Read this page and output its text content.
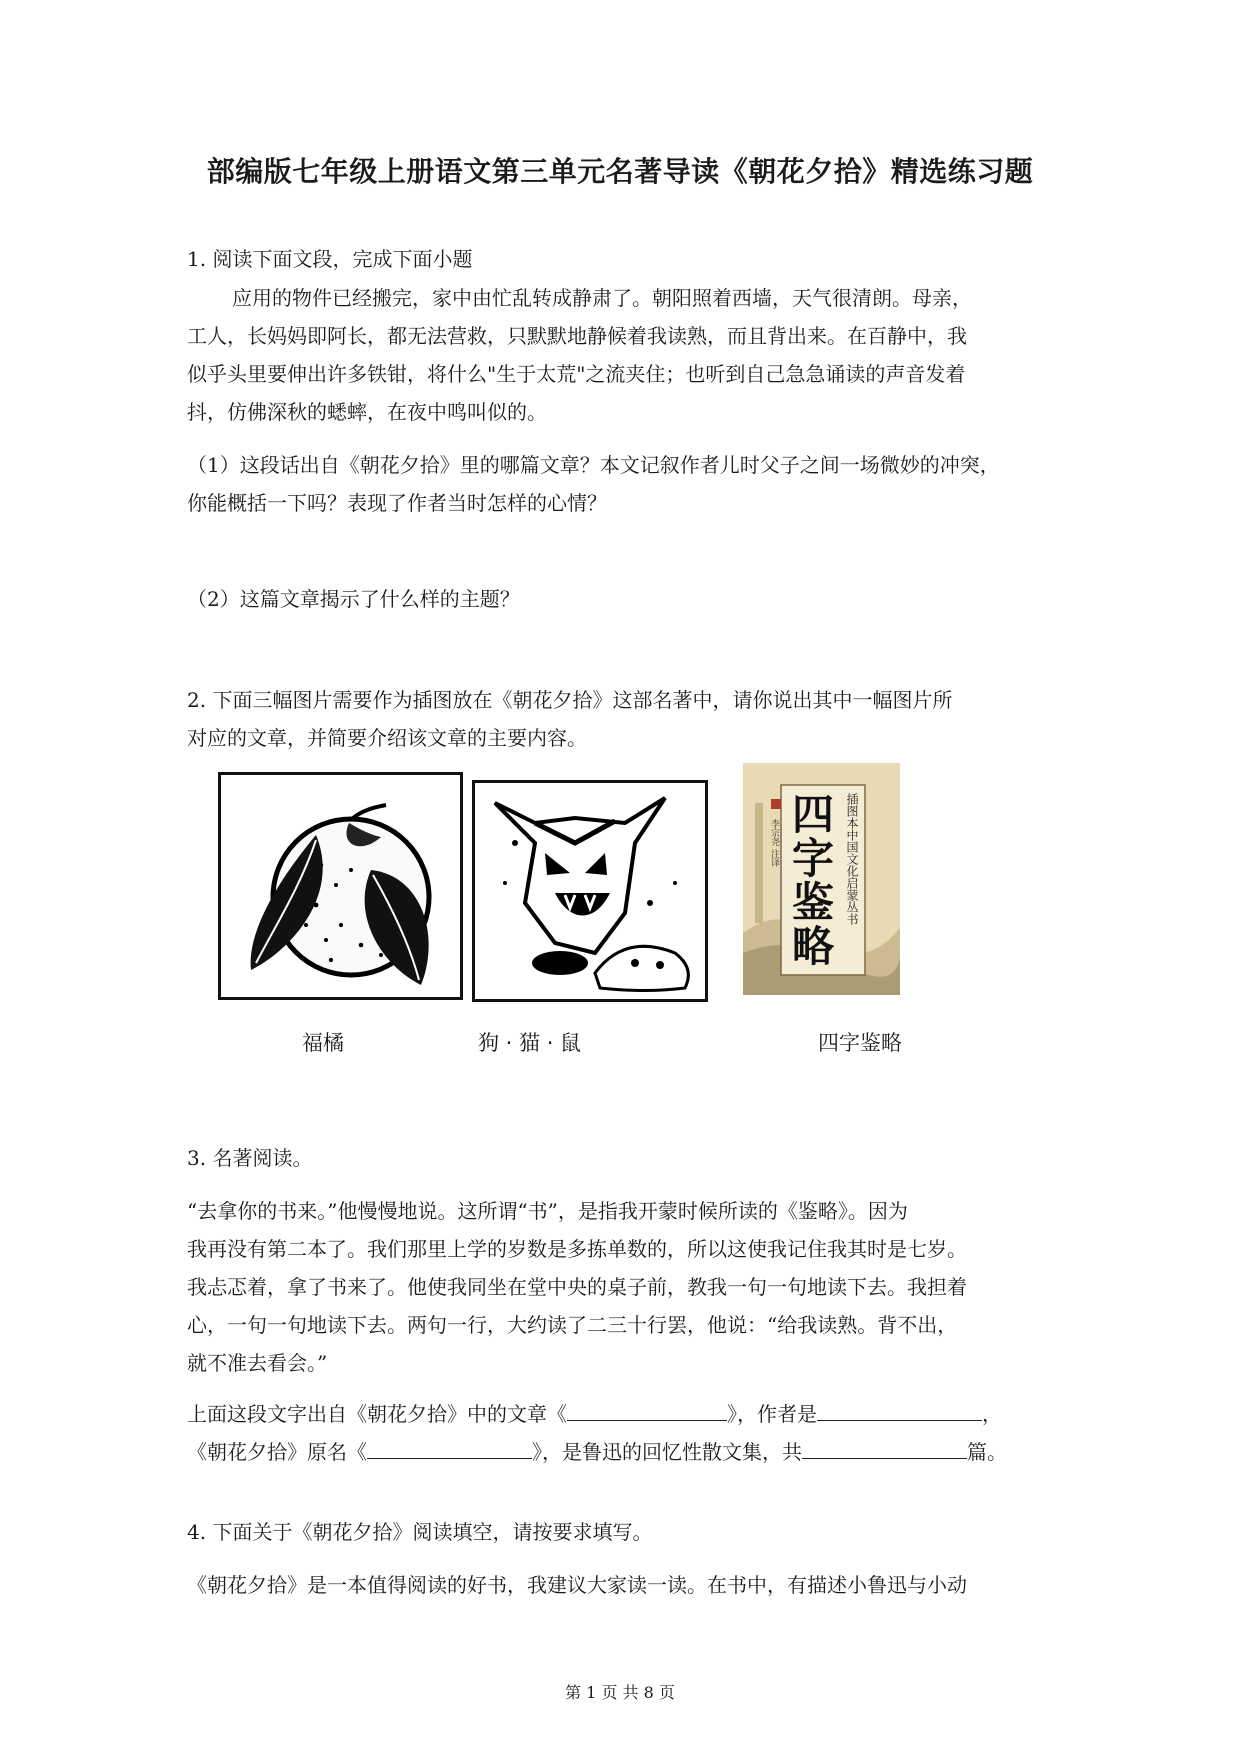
部编版七年级上册语文第三单元名著导读《朝花夕拾》精选练习题
1. 阅读下面文段，完成下面小题
应用的物件已经搬完，家中由忙乱转成静肃了。朝阳照着西墙，天气很清朗。母亲，
工人，长妈妈即阿长，都无法营救，只默默地静候着我读熟，而且背出来。在百静中，我
似乎头里要伸出许多铁钳，将什么"生于太荒"之流夹住；也听到自己急急诵读的声音发着
抖，仿佛深秋的蟋蟀，在夜中鸣叫似的。
（1）这段话出自《朝花夕拾》里的哪篇文章？本文记叙作者儿时父子之间一场微妙的冲突，
你能概括一下吗？表现了作者当时怎样的心情？
（2）这篇文章揭示了什么样的主题？
2. 下面三幅图片需要作为插图放在《朝花夕拾》这部名著中，请你说出其中一幅图片所
对应的文章，并简要介绍该文章的主要内容。
四
字
鉴
略
插图本中国文化启蒙丛书
李宗尧 注译
福橘	狗 · 猫 · 鼠	四字鉴略
3. 名著阅读。
“去拿你的书来。”他慢慢地说。这所谓“书”，是指我开蒙时候所读的《鉴略》。因为
我再没有第二本了。我们那里上学的岁数是多拣单数的，所以这使我记住我其时是七岁。
我忐忑着，拿了书来了。他使我同坐在堂中央的桌子前，教我一句一句地读下去。我担着
心，一句一句地读下去。两句一行，大约读了二三十行罢，他说：“给我读熟。背不出，
就不准去看会。”
上面这段文字出自《朝花夕拾》中的文章《	》，作者是	，
《朝花夕拾》原名《	》，是鲁迅的回忆性散文集，共	篇。
4. 下面关于《朝花夕拾》阅读填空，请按要求填写。
《朝花夕拾》是一本值得阅读的好书，我建议大家读一读。在书中，有描述小鲁迅与小动
第 1 页 共 8 页
